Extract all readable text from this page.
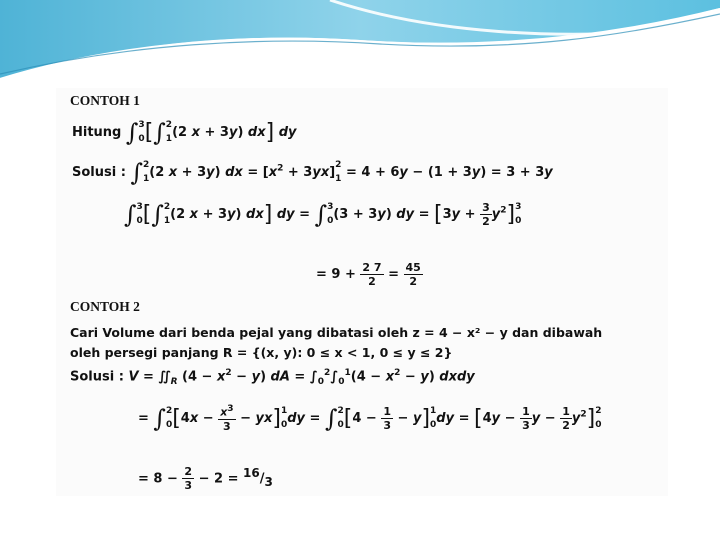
CONTOH 1
Hitung ∫3
0[∫2
1(2 x + 3y) dx] dy
Solusi : ∫2
1(2 x + 3y) dx = $[x^2 + 3yx]2$
1 = 4 + 6y − (1 + 3y) = 3 + 3y
∫3
0[∫2
1(2 x + 3y) dx] dy = ∫3
0(3 + 3y) dy = $[3y + \frac{3}{2} y^2]3$
0
= $9 + \frac{2 7}{2} = \frac{45}{2}$
CONTOH 2
Cari Volume dari benda pejal yang dibatasi oleh z = 4 − x² − y dan dibawah
oleh persegi panjang R = {(x, y): 0 ≤ x < 1, 0 ≤ y ≤ 2}
Solusi : $V = ∬_R$ $(4 - x^2 - y)$ dA = $\int_0^2\int_0^1(4 - x^2 - y)$ dxdy
= ∫2
$0[4x - \frac{x^3}{3} - yx]1$
0dy = ∫2
$0[4 - \frac{1}{3} - y]1$
$0dy = [4y - \frac{1}{3}$ $y - \frac{1}{2} y^2]2$
0
= $8 - \frac{2}{3} - 2 = ^{16}/_3$
